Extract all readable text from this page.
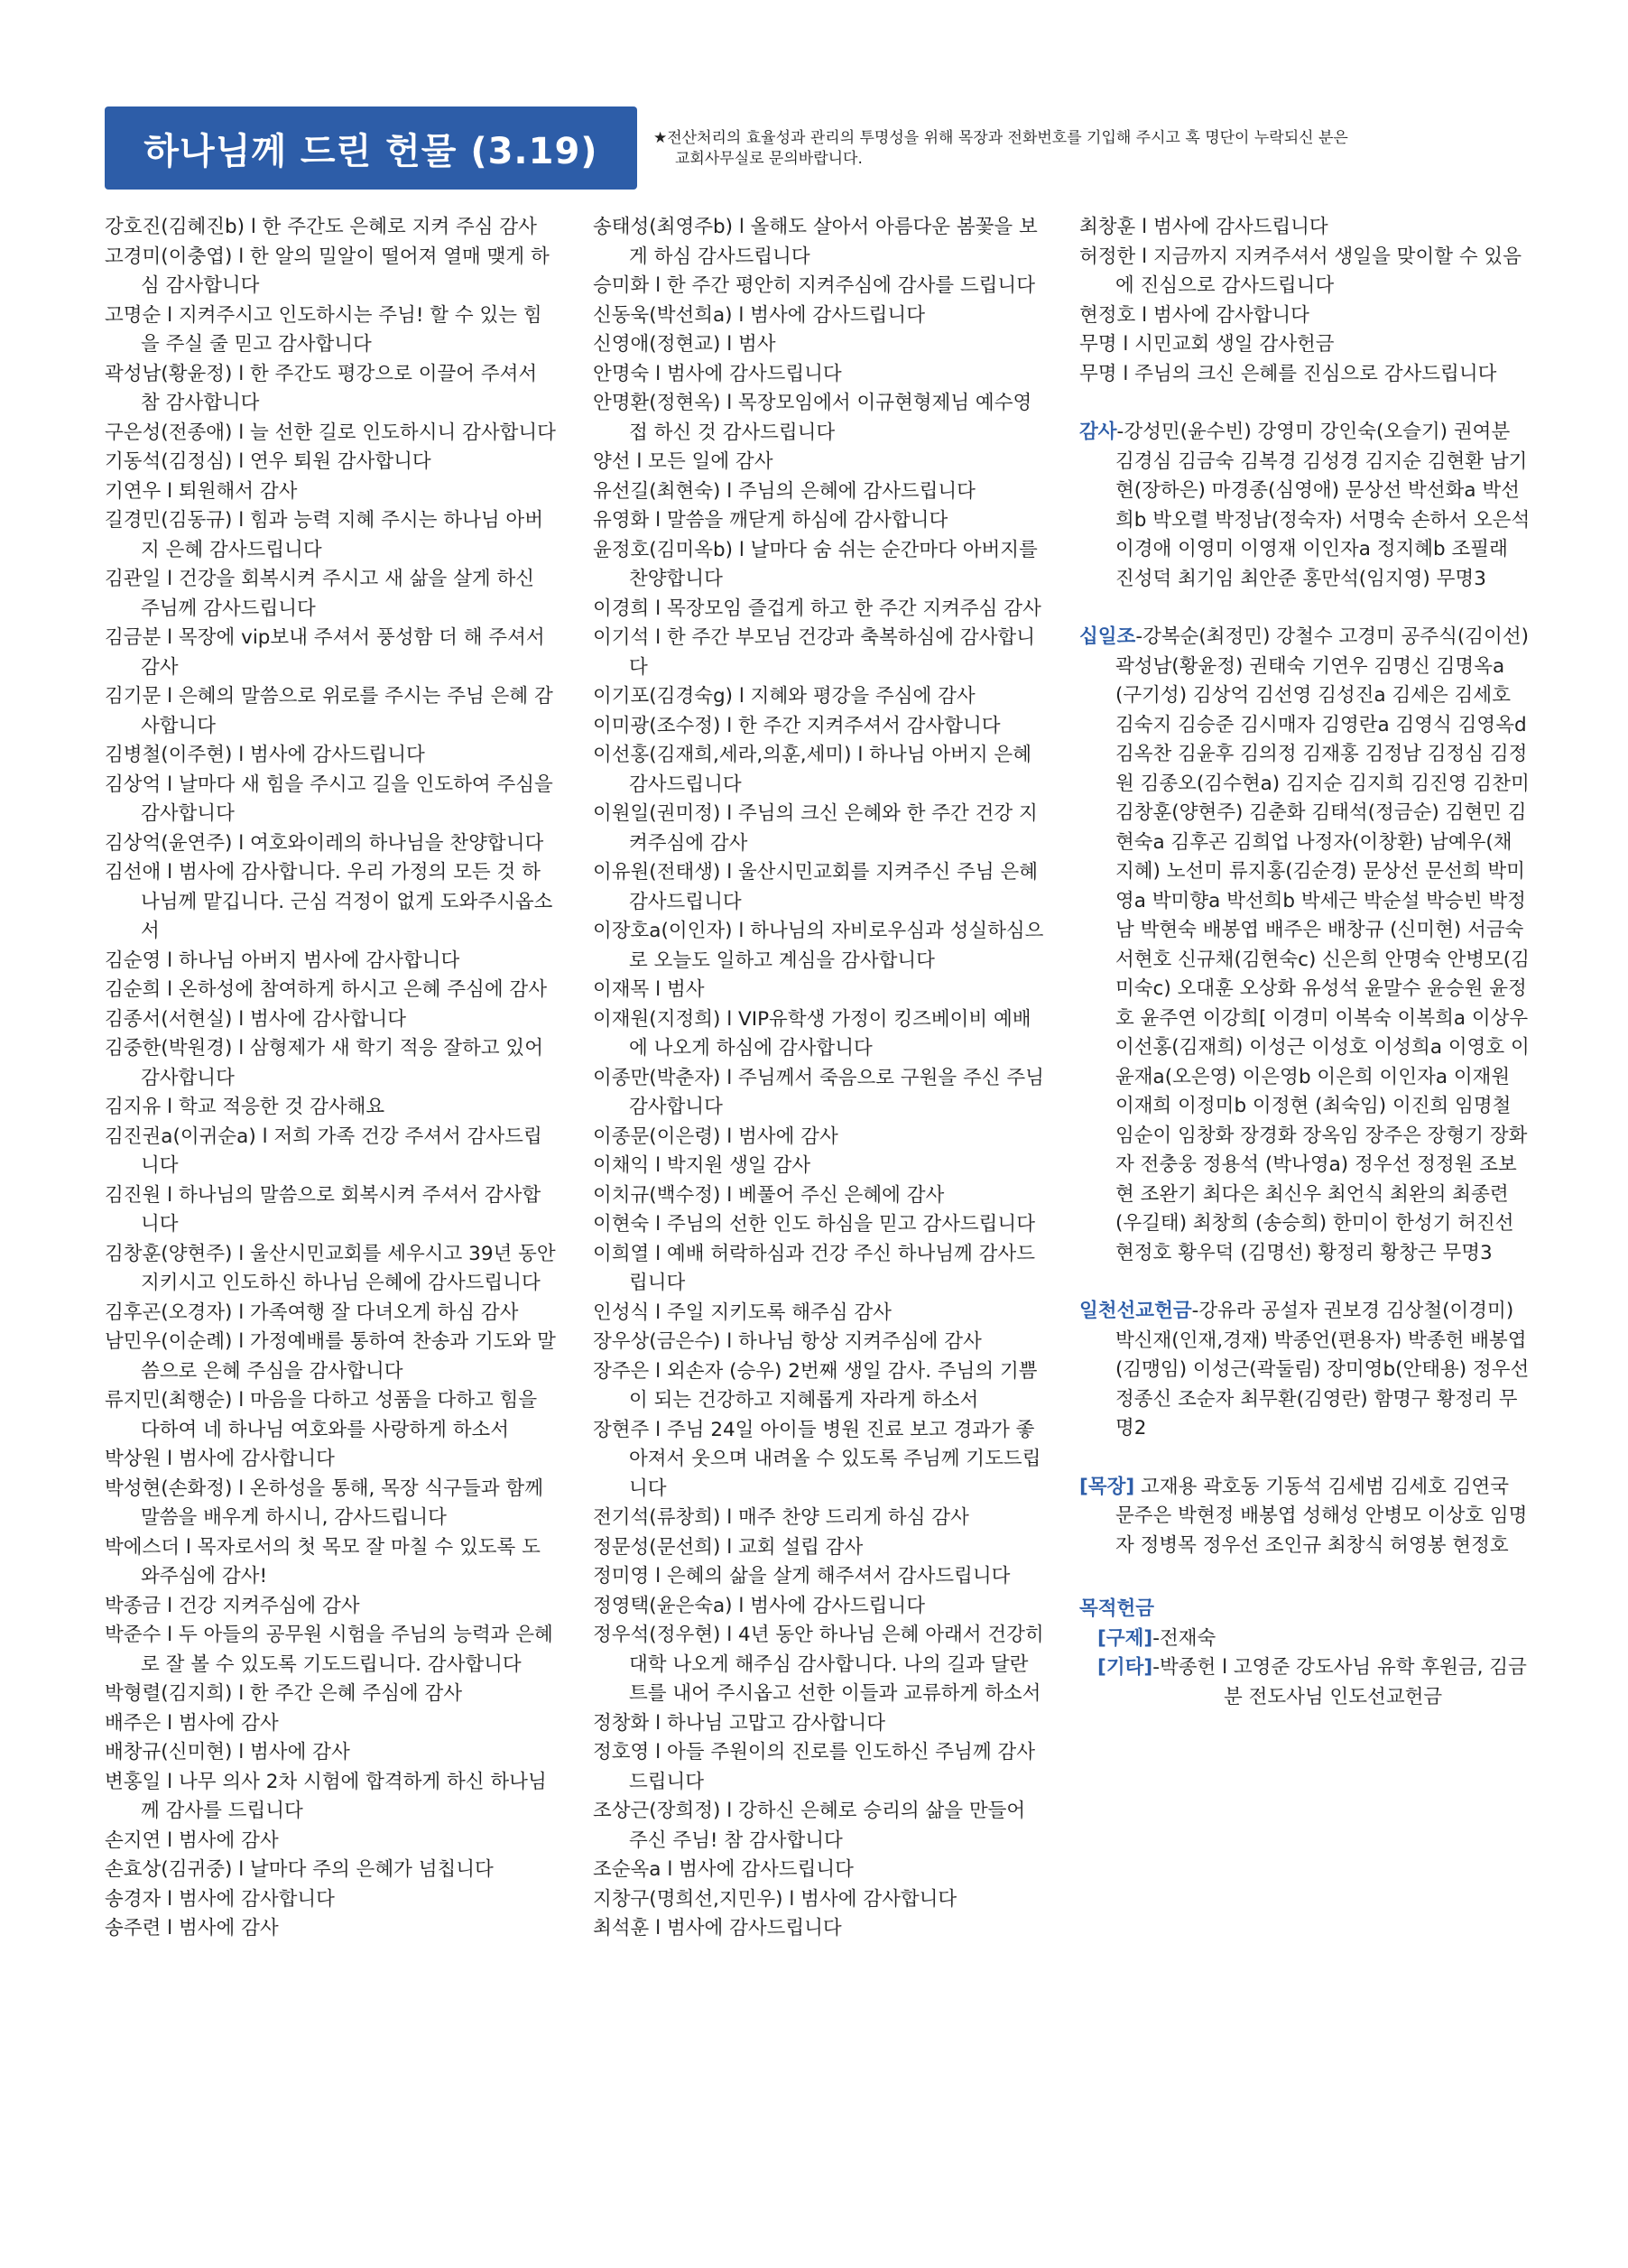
하나님께 드린 헌물 (3.19)	★전산처리의 효율성과 관리의 투명성을 위해 목장과 전화번호를 기입해 주시고 혹 명단이 누락되신 분은
교회사무실로 문의바랍니다.
강호진(김혜진b) l 한 주간도 은혜로 지켜 주심 감사
고경미(이충엽) l 한 알의 밀알이 떨어져 열매 맺게 하심 감사합니다
고명순 l 지켜주시고 인도하시는 주님! 할 수 있는 힘을 주실 줄 믿고 감사합니다
곽성남(황윤정) l 한 주간도 평강으로 이끌어 주셔서 참 감사합니다
구은성(전종애) l 늘 선한 길로 인도하시니 감사합니다
기동석(김정심) l 연우 퇴원 감사합니다
기연우 l 퇴원해서 감사
길경민(김동규) l 힘과 능력 지혜 주시는 하나님 아버지 은혜 감사드립니다
김관일 l 건강을 회복시켜 주시고 새 삶을 살게 하신 주님께 감사드립니다
김금분 l 목장에 vip보내 주셔서 풍성함 더 해 주셔서 감사
김기문 l 은혜의 말씀으로 위로를 주시는 주님 은혜 감사합니다
김병철(이주현) l 범사에 감사드립니다
김상억 l 날마다 새 힘을 주시고 길을 인도하여 주심을 감사합니다
김상억(윤연주) l 여호와이레의 하나님을 찬양합니다
김선애 l 범사에 감사합니다. 우리 가정의 모든 것 하나님께 맡깁니다. 근심 걱정이 없게 도와주시옵소서
김순영 l 하나님 아버지 범사에 감사합니다
김순희 l 온하성에 참여하게 하시고 은혜 주심에 감사
김종서(서현실) l 범사에 감사합니다
김중한(박원경) l 삼형제가 새 학기 적응 잘하고 있어 감사합니다
김지유 l 학교 적응한 것 감사해요
김진권a(이귀순a) l 저희 가족 건강 주셔서 감사드립니다
김진원 l 하나님의 말씀으로 회복시켜 주셔서 감사합니다
김창훈(양현주) l 울산시민교회를 세우시고 39년 동안 지키시고 인도하신 하나님 은혜에 감사드립니다
김후곤(오경자) l 가족여행 잘 다녀오게 하심 감사
남민우(이순례) l 가정예배를 통하여 찬송과 기도와 말씀으로 은혜 주심을 감사합니다
류지민(최행순) l 마음을 다하고 성품을 다하고 힘을 다하여 네 하나님 여호와를 사랑하게 하소서
박상원 l 범사에 감사합니다
박성현(손화정) l 온하성을 통해, 목장 식구들과 함께 말씀을 배우게 하시니, 감사드립니다
박에스더 l 목자로서의 첫 목모 잘 마칠 수 있도록 도와주심에 감사!
박종금 l 건강 지켜주심에 감사
박준수 l 두 아들의 공무원 시험을 주님의 능력과 은혜로 잘 볼 수 있도록 기도드립니다. 감사합니다
박형렬(김지희) l 한 주간 은혜 주심에 감사
배주은 l 범사에 감사
배창규(신미현) l 범사에 감사
변홍일 l 나무 의사 2차 시험에 합격하게 하신 하나님께 감사를 드립니다
손지연 l 범사에 감사
손효상(김귀중) l 날마다 주의 은혜가 넘칩니다
송경자 l 범사에 감사합니다
송주련 l 범사에 감사
송태성(최영주b) l 올해도 살아서 아름다운 봄꽃을 보게 하심 감사드립니다
승미화 l 한 주간 평안히 지켜주심에 감사를 드립니다
신동욱(박선희a) l 범사에 감사드립니다
신영애(정현교) l 범사
안명숙 l 범사에 감사드립니다
안명환(정현옥) l 목장모임에서 이규현형제님 예수영접 하신 것 감사드립니다
양선 l 모든 일에 감사
유선길(최현숙) l 주님의 은혜에 감사드립니다
유영화 l 말씀을 깨닫게 하심에 감사합니다
윤정호(김미옥b) l 날마다 숨 쉬는 순간마다 아버지를 찬양합니다
이경희 l 목장모임 즐겁게 하고 한 주간 지켜주심 감사
이기석 l 한 주간 부모님 건강과 축복하심에 감사합니다
이기포(김경숙g) l 지혜와 평강을 주심에 감사
이미광(조수정) l 한 주간 지켜주셔서 감사합니다
이선홍(김재희,세라,의훈,세미) l 하나님 아버지 은혜 감사드립니다
이원일(권미정) l 주님의 크신 은혜와 한 주간 건강 지켜주심에 감사
이유원(전태생) l 울산시민교회를 지켜주신 주님 은혜 감사드립니다
이장호a(이인자) l 하나님의 자비로우심과 성실하심으로 오늘도 일하고 계심을 감사합니다
이재목 l 범사
이재원(지정희) l VIP유학생 가정이 킹즈베이비 예배에 나오게 하심에 감사합니다
이종만(박춘자) l 주님께서 죽음으로 구원을 주신 주님 감사합니다
이종문(이은령) l 범사에 감사
이채익 l 박지원 생일 감사
이치규(백수정) l 베풀어 주신 은혜에 감사
이현숙 l 주님의 선한 인도 하심을 믿고 감사드립니다
이희열 l 예배 허락하심과 건강 주신 하나님께 감사드립니다
인성식 l 주일 지키도록 해주심 감사
장우상(금은수) l 하나님 항상 지켜주심에 감사
장주은 l 외손자 (승우) 2번째 생일 감사. 주님의 기쁨이 되는 건강하고 지혜롭게 자라게 하소서
장현주 l 주님 24일 아이들 병원 진료 보고 경과가 좋아져서 웃으며 내려올 수 있도록 주님께 기도드립니다
전기석(류창희) l 매주 찬양 드리게 하심 감사
정문성(문선희) l 교회 설립 감사
정미영 l 은혜의 삶을 살게 해주셔서 감사드립니다
정영택(윤은숙a) l 범사에 감사드립니다
정우석(정우현) l 4년 동안 하나님 은혜 아래서 건강히 대학 나오게 해주심 감사합니다. 나의 길과 달란트를 내어 주시옵고 선한 이들과 교류하게 하소서
정창화 l 하나님 고맙고 감사합니다
정호영 l 아들 주원이의 진로를 인도하신 주님께 감사드립니다
조상근(장희정) l 강하신 은혜로 승리의 삶을 만들어 주신 주님! 참 감사합니다
조순옥a l 범사에 감사드립니다
지창구(명희선,지민우) l 범사에 감사합니다
최석훈 l 범사에 감사드립니다
최창훈 l 범사에 감사드립니다
허정한 l 지금까지 지켜주셔서 생일을 맞이할 수 있음에 진심으로 감사드립니다
현정호 l 범사에 감사합니다
무명 l 시민교회 생일 감사헌금
무명 l 주님의 크신 은혜를 진심으로 감사드립니다
감사-강성민(윤수빈) 강영미 강인숙(오슬기) 권여분 김경심 김금숙 김복경 김성경 김지순 김현환 남기현(장하은) 마경종(심영애) 문상선 박선화a 박선희b 박오렬 박정남(정숙자) 서명숙 손하서 오은석 이경애 이영미 이영재 이인자a 정지혜b 조필래 진성덕 최기임 최안준 홍만석(임지영) 무명3
십일조-강복순(최정민) 강철수 고경미 공주식(김이선) 곽성남(황윤정) 권태숙 기연우 김명신 김명옥a (구기성) 김상억 김선영 김성진a 김세은 김세호 김숙지 김승준 김시매자 김영란a 김영식 김영옥d 김옥찬 김윤후 김의정 김재홍 김정남 김정심 김정원 김종오(김수현a) 김지순 김지희 김진영 김찬미 김창훈(양현주) 김춘화 김태석(정금순) 김현민 김현숙a 김후곤 김희업 나정자(이창환) 남예우(채지혜) 노선미 류지홍(김순경) 문상선 문선희 박미영a 박미향a 박선희b 박세근 박순설 박승빈 박정남 박현숙 배봉엽 배주은 배창규 (신미현) 서금숙 서현호 신규채(김현숙c) 신은희 안명숙 안병모(김미숙c) 오대훈 오상화 유성석 윤말수 윤승원 윤정호 윤주연 이강희[ 이경미 이복숙 이복희a 이상우 이선홍(김재희) 이성근 이성호 이성희a 이영호 이윤재a(오은영) 이은영b 이은희 이인자a 이재원 이재희 이정미b 이정현 (최숙임) 이진희 임명철 임순이 임창화 장경화 장옥임 장주은 장형기 장화자 전충웅 정용석 (박나영a) 정우선 정정원 조보현 조완기 최다은 최신우 최언식 최완의 최종련(우길태) 최창희 (송승희) 한미이 한성기 허진선 현정호 황우덕 (김명선) 황정리 황창근 무명3
일천선교헌금-강유라 공설자 권보경 김상철(이경미) 박신재(인재,경재) 박종언(편용자) 박종헌 배봉엽 (김맹임) 이성근(곽둘림) 장미영b(안태용) 정우선 정종신 조순자 최무환(김영란) 함명구 황정리 무명2
[목장] 고재용 곽호동 기동석 김세범 김세호 김연국 문주은 박현정 배봉엽 성해성 안병모 이상호 임명자 정병목 정우선 조인규 최창식 허영봉 현정호
목적헌금
[구제]-전재숙
[기타]-박종헌 l 고영준 강도사님 유학 후원금, 김금분 전도사님 인도선교헌금
